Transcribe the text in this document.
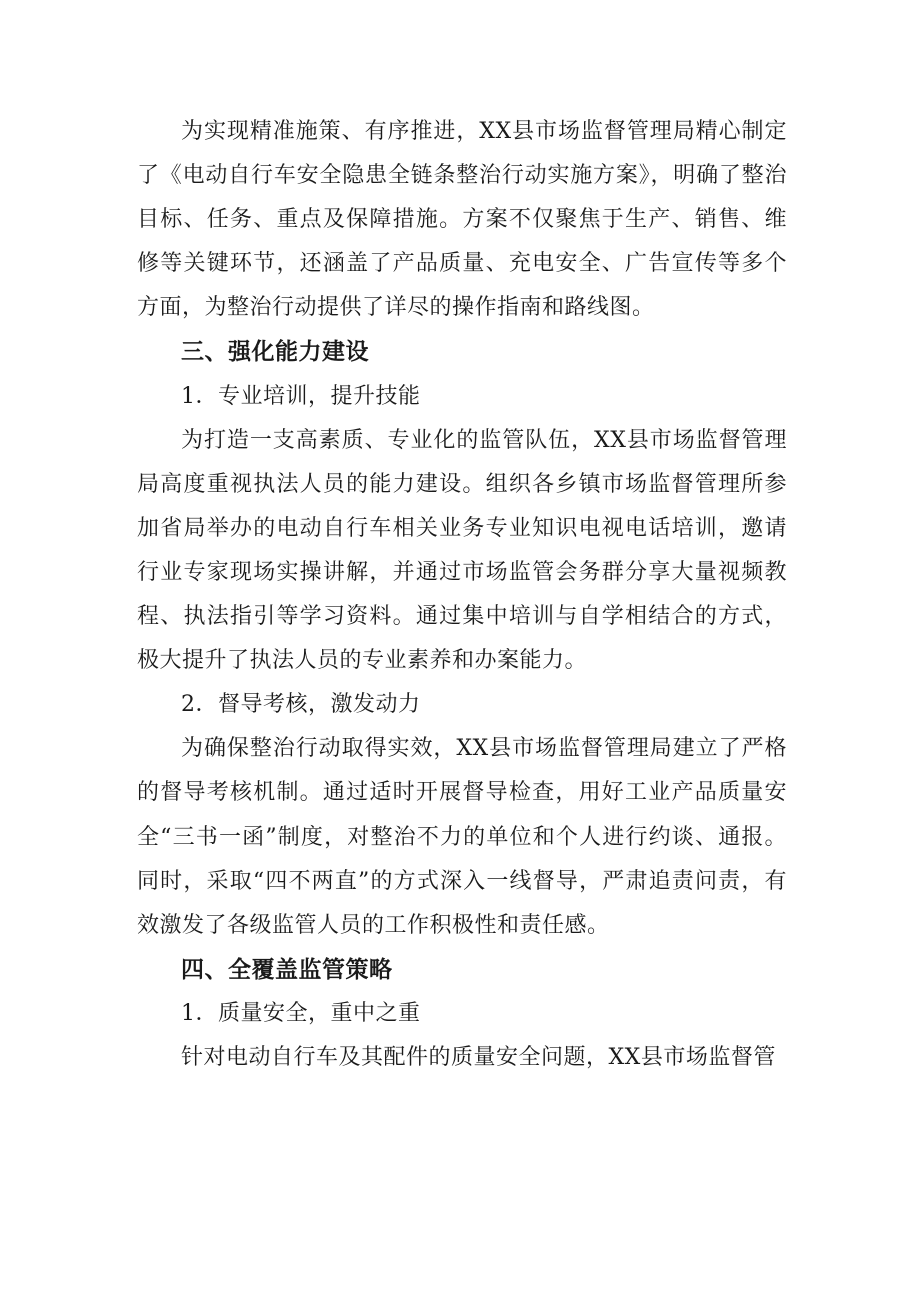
为实现精准施策、有序推进，XX县市场监督管理局精心制定了《电动自行车安全隐患全链条整治行动实施方案》，明确了整治目标、任务、重点及保障措施。方案不仅聚焦于生产、销售、维修等关键环节，还涵盖了产品质量、充电安全、广告宣传等多个方面，为整治行动提供了详尽的操作指南和路线图。

三、强化能力建设

1．专业培训，提升技能

为打造一支高素质、专业化的监管队伍，XX县市场监督管理局高度重视执法人员的能力建设。组织各乡镇市场监督管理所参加省局举办的电动自行车相关业务专业知识电视电话培训，邀请行业专家现场实操讲解，并通过市场监管会务群分享大量视频教程、执法指引等学习资料。通过集中培训与自学相结合的方式，极大提升了执法人员的专业素养和办案能力。

2．督导考核，激发动力

为确保整治行动取得实效，XX县市场监督管理局建立了严格的督导考核机制。通过适时开展督导检查，用好工业产品质量安全“三书一函”制度，对整治不力的单位和个人进行约谈、通报。同时，采取“四不两直”的方式深入一线督导，严肃追责问责，有效激发了各级监管人员的工作积极性和责任感。

四、全覆盖监管策略

1．质量安全，重中之重

针对电动自行车及其配件的质量安全问题，XX县市场监督管
